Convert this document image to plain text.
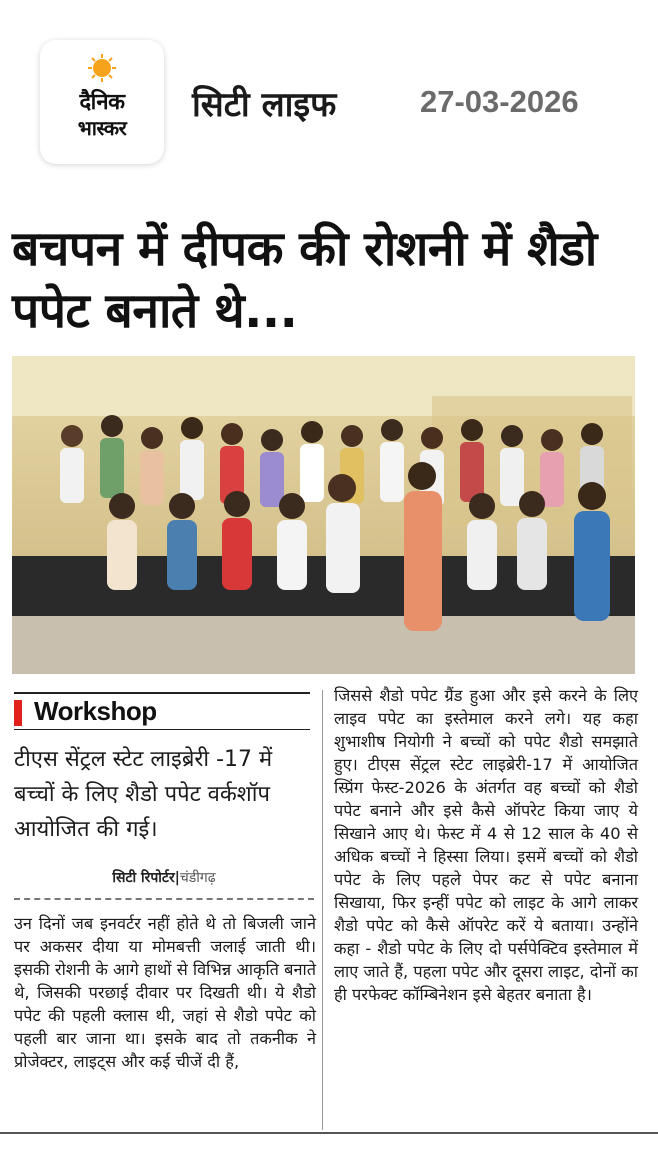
दैनिक
भास्कर
सिटी लाइफ	27-03-2026
बचपन में दीपक की रोशनी में शैडो पपेट बनाते थे...
Workshop
टीएस सेंट्रल स्टेट लाइब्रेरी -17 में बच्चों के लिए शैडो पपेट वर्कशॉप आयोजित की गई।
सिटी रिपोर्टर|चंडीगढ़

उन दिनों जब इनवर्टर नहीं होते थे तो बिजली जाने पर अकसर दीया या मोमबत्ती जलाई जाती थी। इसकी रोशनी के आगे हाथों से विभिन्न आकृति बनाते थे, जिसकी परछाई दीवार पर दिखती थी। ये शैडो पपेट की पहली क्लास थी, जहां से शैडो पपेट को पहली बार जाना था। इसके बाद तो तकनीक ने प्रोजेक्टर, लाइट्स और कई चीजें दी हैं,

जिससे शैडो पपेट ग्रैंड हुआ और इसे करने के लिए लाइव पपेट का इस्तेमाल करने लगे। यह कहा शुभाशीष नियोगी ने बच्चों को पपेट शैडो समझाते हुए। टीएस सेंट्रल स्टेट लाइब्रेरी-17 में आयोजित स्प्रिंग फेस्ट-2026 के अंतर्गत वह बच्चों को शैडो पपेट बनाने और इसे कैसे ऑपरेट किया जाए ये सिखाने आए थे। फेस्ट में 4 से 12 साल के 40 से अधिक बच्चों ने हिस्सा लिया। इसमें बच्चों को शैडो पपेट के लिए पहले पेपर कट से पपेट बनाना सिखाया, फिर इन्हीं पपेट को लाइट के आगे लाकर शैडो पपेट को कैसे ऑपरेट करें ये बताया। उन्होंने कहा - शैडो पपेट के लिए दो पर्सपेक्टिव इस्तेमाल में लाए जाते हैं, पहला पपेट और दूसरा लाइट, दोनों का ही परफेक्ट कॉम्बिनेशन इसे बेहतर बनाता है।
